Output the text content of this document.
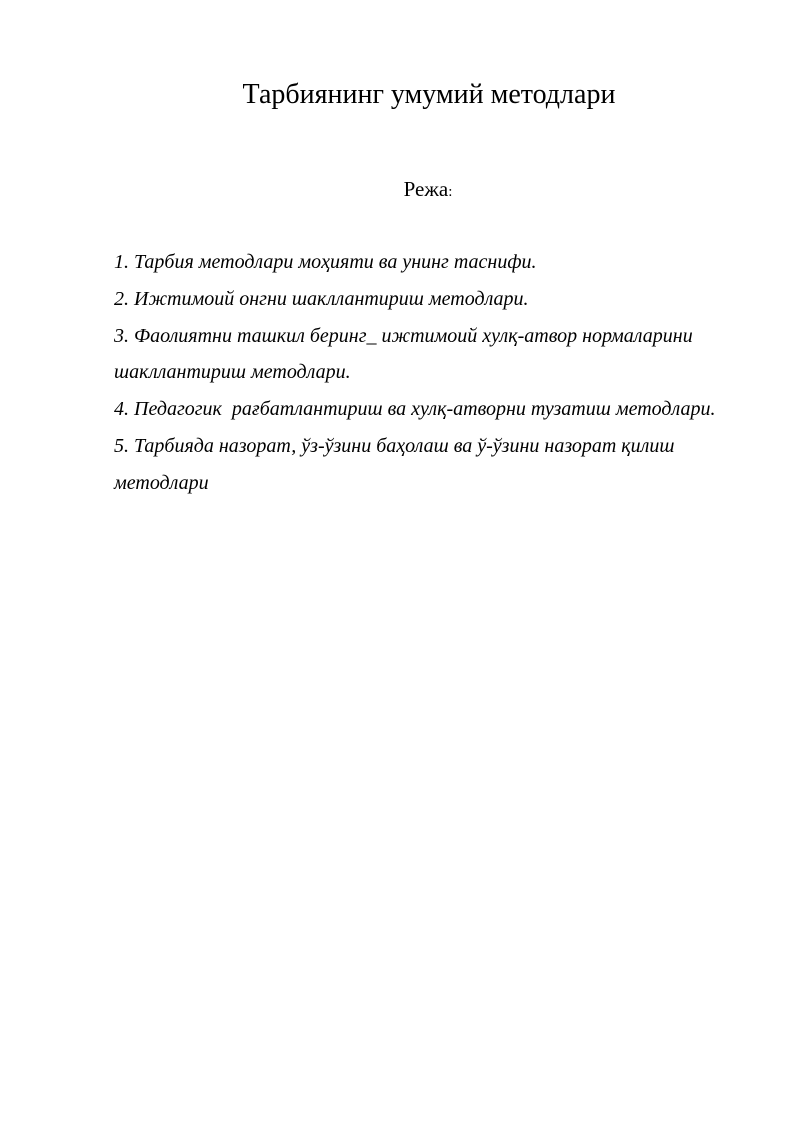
Тарбиянинг умумий методлари
Режа:
1. Тарбия методлари моҳияти ва унинг таснифи.
2. Ижтимоий онгни шакллантириш методлари.
3. Фаолиятни ташкил беринг_ ижтимоий хулқ-атвор нормаларини шакллантириш методлари.
4. Педагогик  рағбатлантириш ва хулқ-атворни тузатиш методлари.
5. Тарбияда назорат, ўз-ўзини баҳолаш ва ў-ўзини назорат қилиш методлари
